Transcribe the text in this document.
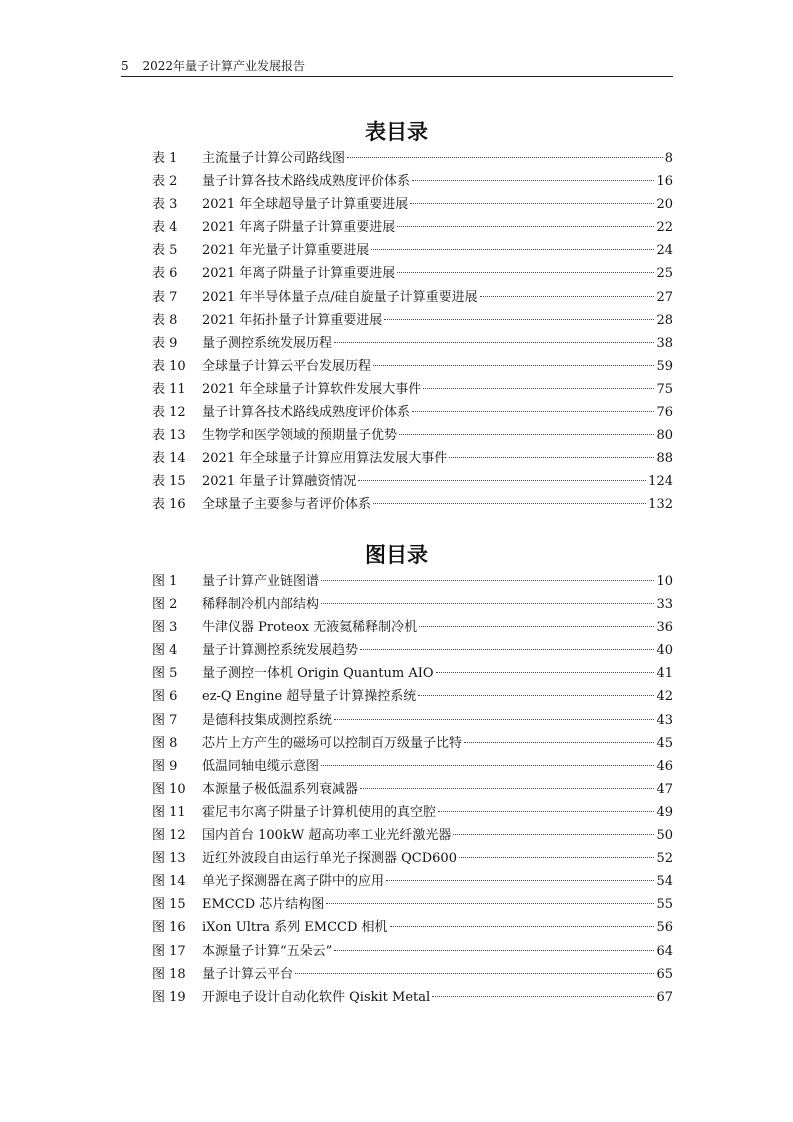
5 2022年量子计算产业发展报告
表目录
表 1	主流量子计算公司路线图	8
表 2	量子计算各技术路线成熟度评价体系	16
表 3	2021 年全球超导量子计算重要进展	20
表 4	2021 年离子阱量子计算重要进展	22
表 5	2021 年光量子计算重要进展	24
表 6	2021 年离子阱量子计算重要进展	25
表 7	2021 年半导体量子点/硅自旋量子计算重要进展	27
表 8	2021 年拓扑量子计算重要进展	28
表 9	量子测控系统发展历程	38
表 10	全球量子计算云平台发展历程	59
表 11	2021 年全球量子计算软件发展大事件	75
表 12	量子计算各技术路线成熟度评价体系	76
表 13	生物学和医学领域的预期量子优势	80
表 14	2021 年全球量子计算应用算法发展大事件	88
表 15	2021 年量子计算融资情况	124
表 16	全球量子主要参与者评价体系	132
图目录
图 1	量子计算产业链图谱	10
图 2	稀释制冷机内部结构	33
图 3	牛津仪器 Proteox 无液氦稀释制冷机	36
图 4	量子计算测控系统发展趋势	40
图 5	量子测控一体机 Origin Quantum AIO	41
图 6	ez-Q Engine 超导量子计算操控系统	42
图 7	是德科技集成测控系统	43
图 8	芯片上方产生的磁场可以控制百万级量子比特	45
图 9	低温同轴电缆示意图	46
图 10	本源量子极低温系列衰减器	47
图 11	霍尼韦尔离子阱量子计算机使用的真空腔	49
图 12	国内首台 100kW 超高功率工业光纤激光器	50
图 13	近红外波段自由运行单光子探测器 QCD600	52
图 14	单光子探测器在离子阱中的应用	54
图 15	EMCCD 芯片结构图	55
图 16	iXon Ultra 系列 EMCCD 相机	56
图 17	本源量子计算“五朵云”	64
图 18	量子计算云平台	65
图 19	开源电子设计自动化软件 Qiskit Metal	67
